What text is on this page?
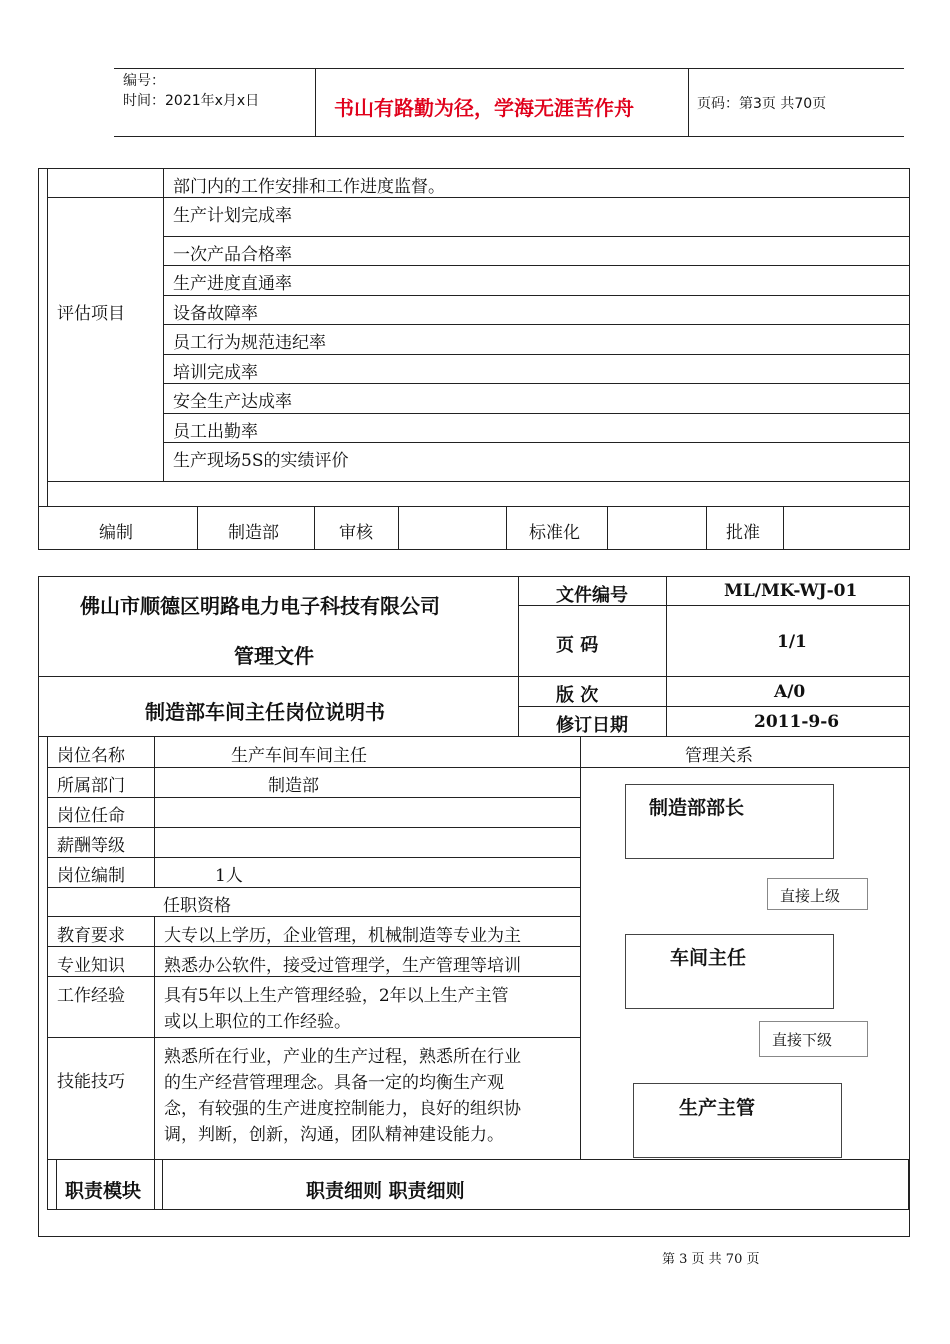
编号：
时间：2021年x月x日	书山有路勤为径，学海无涯苦作舟	页码：第3页 共70页
部门内的工作安排和工作进度监督。
评估项目
生产计划完成率
一次产品合格率
生产进度直通率
设备故障率
员工行为规范违纪率
培训完成率
安全生产达成率
员工出勤率
生产现场5S的实绩评价
编制	制造部	审核	标准化	批准
佛山市顺德区明路电力电子科技有限公司
管理文件
制造部车间主任岗位说明书
文件编号	ML/MK-WJ-01
页 码	1/1
版 次	A/0
修订日期	2011-9-6
岗位名称	生产车间车间主任
所属部门	制造部
岗位任命
薪酬等级
岗位编制	1人
任职资格
教育要求 大专以上学历，企业管理，机械制造等专业为主
专业知识 熟悉办公软件，接受过管理学，生产管理等培训
工作经验 具有5年以上生产管理经验，2年以上生产主管
或以上职位的工作经验。
技能技巧
熟悉所在行业，产业的生产过程，熟悉所在行业
的生产经营管理理念。具备一定的均衡生产观
念，有较强的生产进度控制能力，良好的组织协
调，判断，创新，沟通，团队精神建设能力。
管理关系
制造部部长
直接上级
车间主任
直接下级
生产主管
职责模块	职责细则 职责细则
第 3 页 共 70 页
